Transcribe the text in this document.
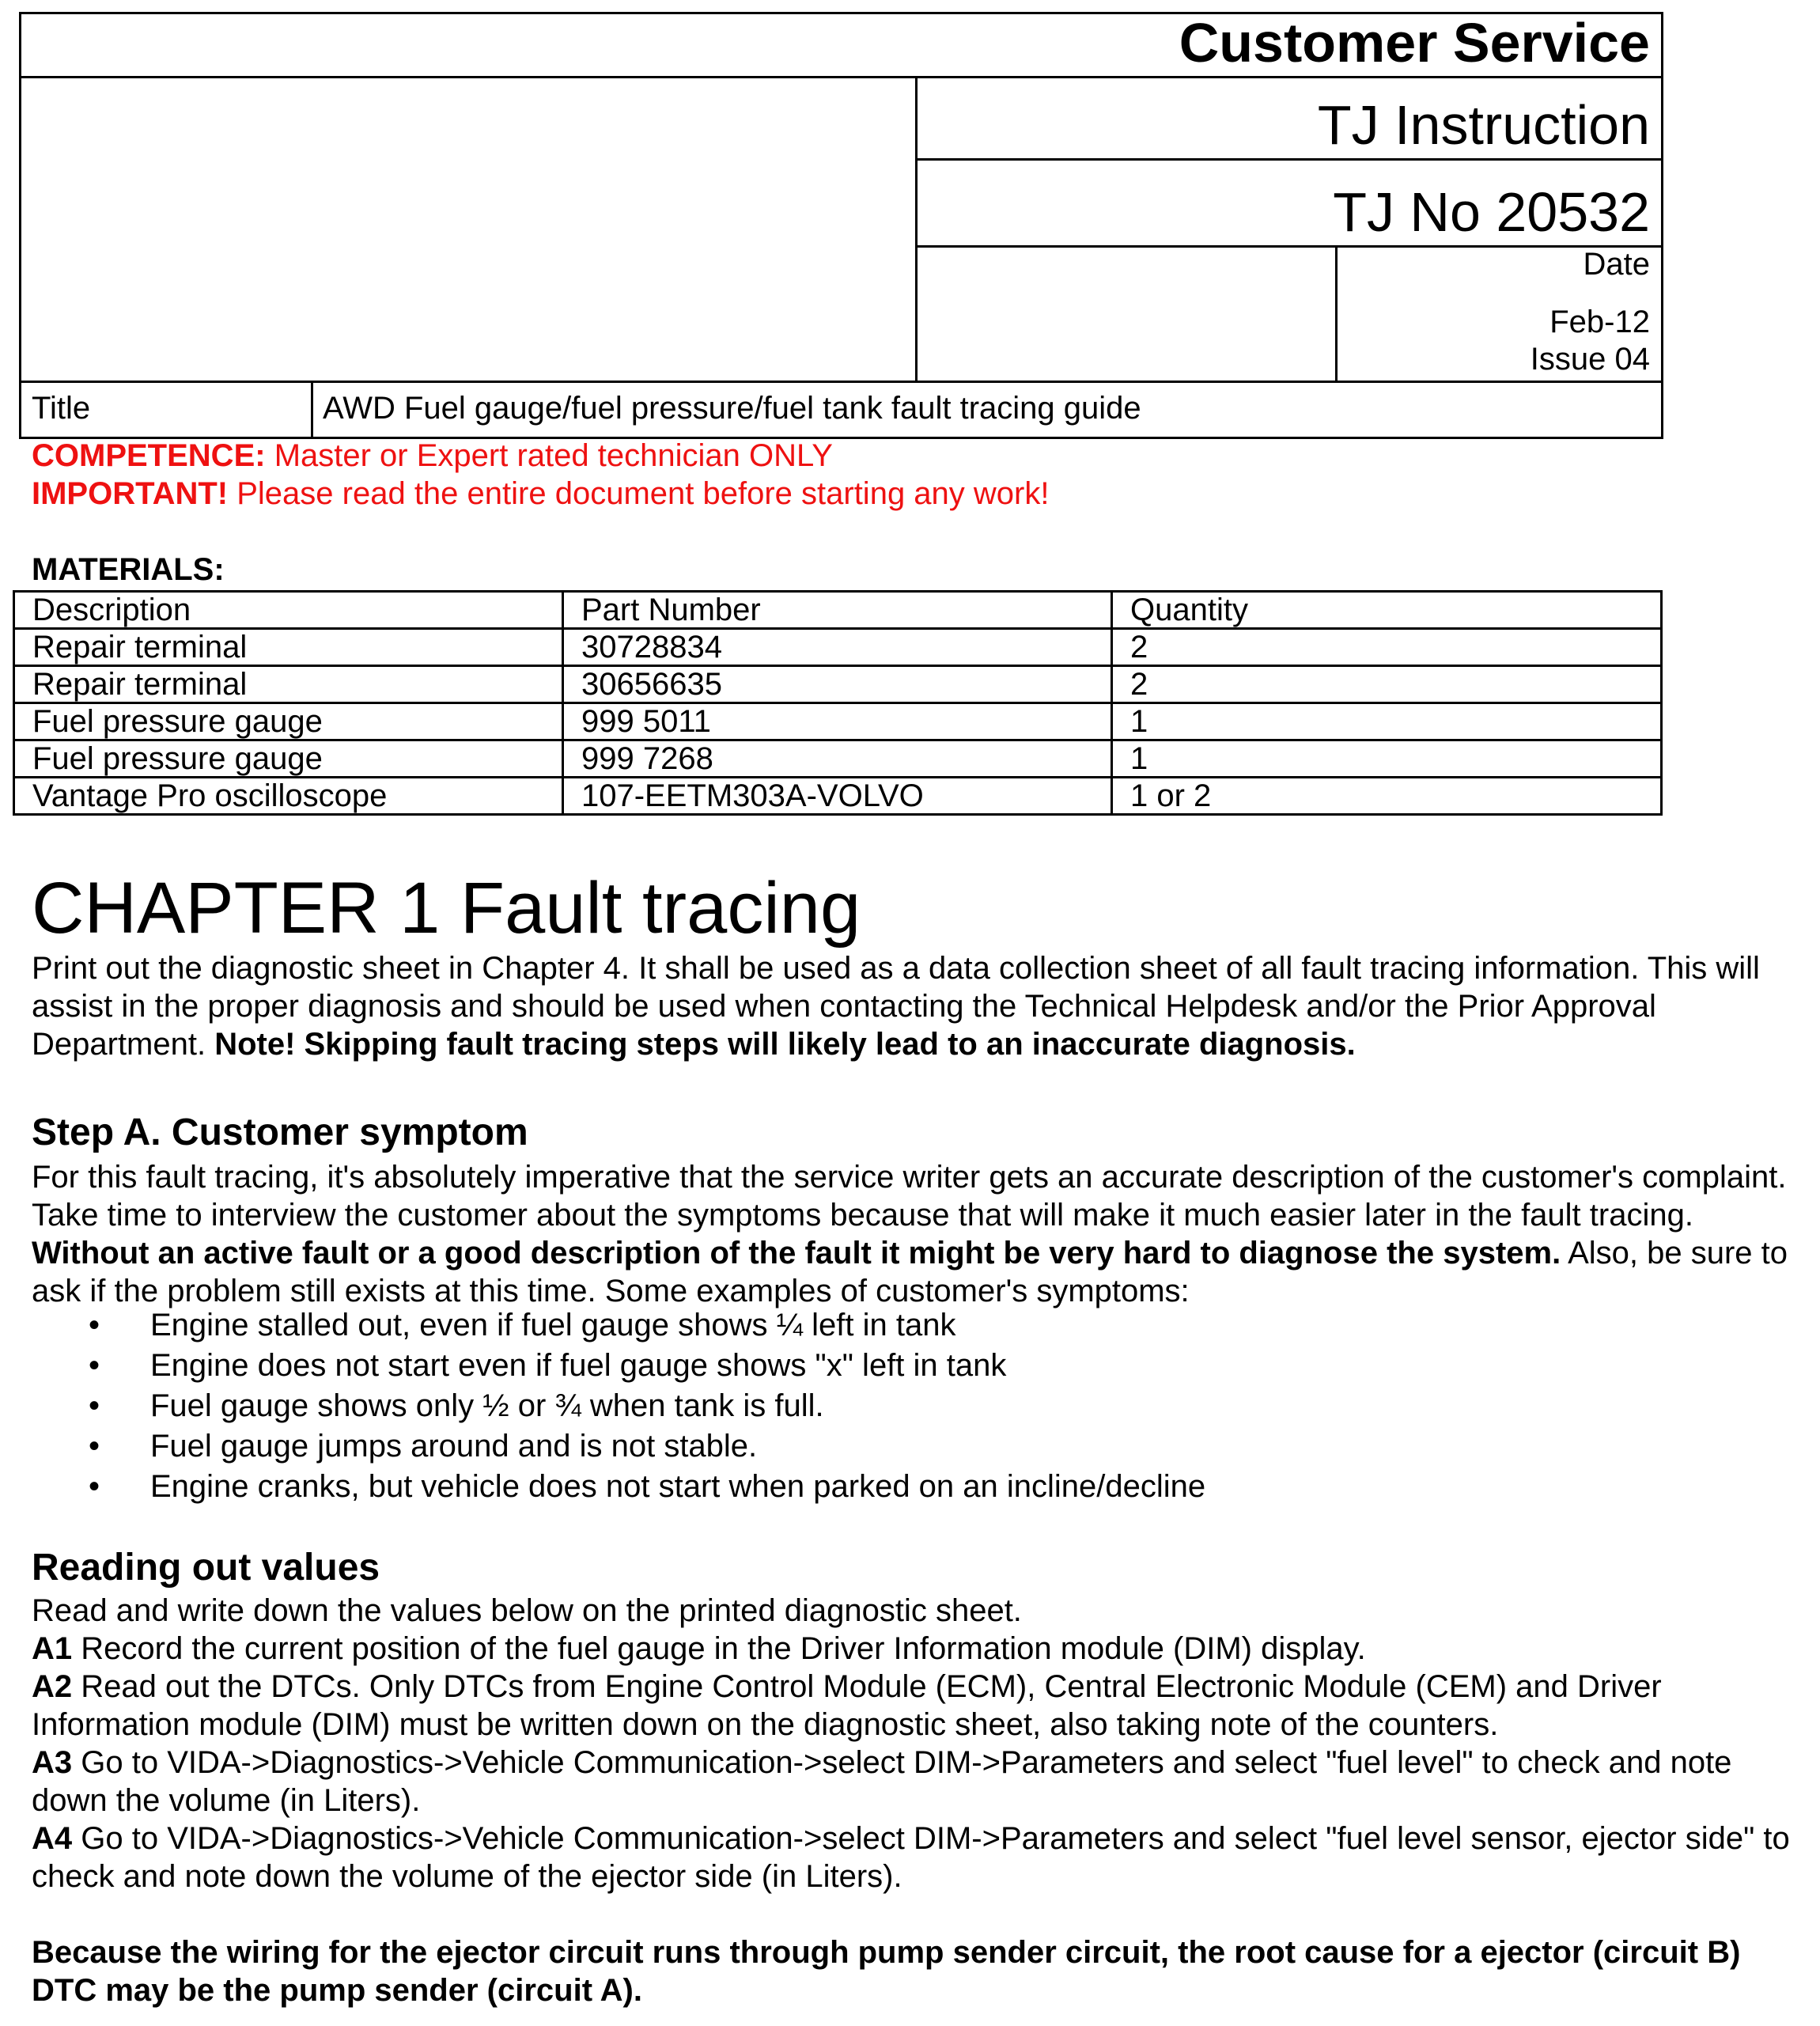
Customer Service
TJ Instruction
TJ No 20532
Date
Feb-12
Issue 04
Title	AWD Fuel gauge/fuel pressure/fuel tank fault tracing guide
COMPETENCE: Master or Expert rated technician ONLY
IMPORTANT! Please read the entire document before starting any work!
MATERIALS:
Description	Part Number	Quantity
Repair terminal	30728834	2
Repair terminal	30656635	2
Fuel pressure gauge	999 5011	1
Fuel pressure gauge	999 7268	1
Vantage Pro oscilloscope	107-EETM303A-VOLVO	1 or 2
CHAPTER 1 Fault tracing
Print out the diagnostic sheet in Chapter 4. It shall be used as a data collection sheet of all fault tracing information. This will assist in the proper diagnosis and should be used when contacting the Technical Helpdesk and/or the Prior Approval Department. Note! Skipping fault tracing steps will likely lead to an inaccurate diagnosis.
Step A. Customer symptom
For this fault tracing, it's absolutely imperative that the service writer gets an accurate description of the customer's complaint. Take time to interview the customer about the symptoms because that will make it much easier later in the fault tracing. Without an active fault or a good description of the fault it might be very hard to diagnose the system. Also, be sure to ask if the problem still exists at this time. Some examples of customer's symptoms:
• Engine stalled out, even if fuel gauge shows ¼ left in tank
• Engine does not start even if fuel gauge shows "x" left in tank
• Fuel gauge shows only ½ or ¾ when tank is full.
• Fuel gauge jumps around and is not stable.
• Engine cranks, but vehicle does not start when parked on an incline/decline
Reading out values
Read and write down the values below on the printed diagnostic sheet.
A1 Record the current position of the fuel gauge in the Driver Information module (DIM) display.
A2 Read out the DTCs. Only DTCs from Engine Control Module (ECM), Central Electronic Module (CEM) and Driver Information module (DIM) must be written down on the diagnostic sheet, also taking note of the counters.
A3 Go to VIDA->Diagnostics->Vehicle Communication->select DIM->Parameters and select "fuel level" to check and note down the volume (in Liters).
A4 Go to VIDA->Diagnostics->Vehicle Communication->select DIM->Parameters and select "fuel level sensor, ejector side" to check and note down the volume of the ejector side (in Liters).
Because the wiring for the ejector circuit runs through pump sender circuit, the root cause for a ejector (circuit B) DTC may be the pump sender (circuit A).
